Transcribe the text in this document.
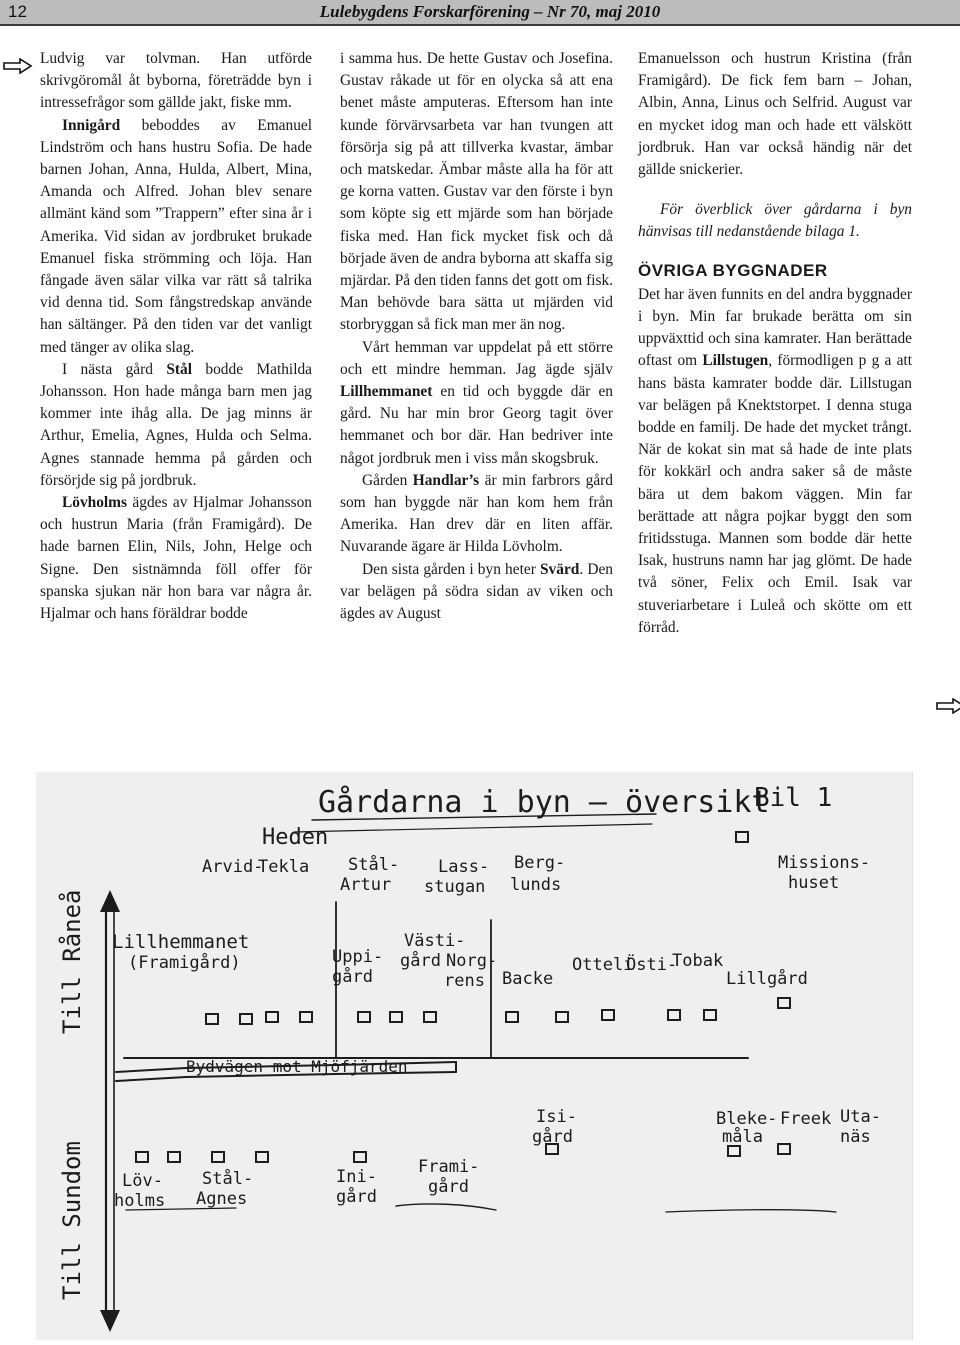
12	Lulebygdens Forskarförening – Nr 70, maj 2010

Ludvig var tolvman. Han utförde skrivgöromål åt byborna, företrädde byn i intressefrågor som gällde jakt, fiske mm.

Innigård beboddes av Emanuel Lindström och hans hustru Sofia. De hade barnen Johan, Anna, Hulda, Albert, Mina, Amanda och Alfred. Johan blev senare allmänt känd som ”Trappern” efter sina år i Amerika. Vid sidan av jordbruket brukade Emanuel fiska strömming och löja. Han fångade även sälar vilka var rätt så talrika vid denna tid. Som fångstredskap använde han sältänger. På den tiden var det vanligt med tänger av olika slag.

I nästa gård Stål bodde Mathilda Johansson. Hon hade många barn men jag kommer inte ihåg alla. De jag minns är Arthur, Emelia, Agnes, Hulda och Selma. Agnes stannade hemma på gården och försörjde sig på jordbruk.

Lövholms ägdes av Hjalmar Johansson och hustrun Maria (från Framigård). De hade barnen Elin, Nils, John, Helge och Signe. Den sistnämnda föll offer för spanska sjukan när hon bara var några år. Hjalmar och hans föräldrar bodde

i samma hus. De hette Gustav och Josefina. Gustav råkade ut för en olycka så att ena benet måste amputeras. Eftersom han inte kunde förvärvsarbeta var han tvungen att försörja sig på att tillverka kvastar, ämbar och matskedar. Ämbar måste alla ha för att ge korna vatten. Gustav var den förste i byn som köpte sig ett mjärde som han började fiska med. Han fick mycket fisk och då började även de andra byborna att skaffa sig mjärdar. På den tiden fanns det gott om fisk. Man behövde bara sätta ut mjärden vid storbryggan så fick man mer än nog.

Vårt hemman var uppdelat på ett större och ett mindre hemman. Jag ägde själv Lillhemmanet en tid och byggde där en gård. Nu har min bror Georg tagit över hemmanet och bor där. Han bedriver inte något jordbruk men i viss mån skogsbruk.

Gården Handlar’s är min farbrors gård som han byggde när han kom hem från Amerika. Han drev där en liten affär. Nuvarande ägare är Hilda Lövholm.

Den sista gården i byn heter Svärd. Den var belägen på södra sidan av viken och ägdes av August

Emanuelsson och hustrun Kristina (från Framigård). De fick fem barn – Johan, Albin, Anna, Linus och Selfrid. August var en mycket idog man och hade ett välskött jordbruk. Han var också händig när det gällde snickerier.

För överblick över gårdarna i byn hänvisas till nedanstående bilaga 1.

ÖVRIGA BYGGNADER

Det har även funnits en del andra byggnader i byn. Min far brukade berätta om sin uppväxttid och sina kamrater. Han berättade oftast om Lillstugen, förmodligen p g a att hans bästa kamrater bodde där. Lillstugan var belägen på Knektstorpet. I denna stuga bodde en familj. De hade det mycket trångt. När de kokat sin mat så hade de inte plats för kokkärl och andra saker så de måste bära ut dem bakom väggen. Min far berättade att några pojkar byggt den som fritidsstuga. Mannen som bodde där hette Isak, hustruns namn har jag glömt. De hade två söner, Felix och Emil. Isak var stuveriarbetare i Luleå och skötte om ett förråd.

Gårdarna i byn – översikt
Bil 1
Heden
Till Råneå
Till Sundom
Bydvägen mot Mjöfjärden
Arvid-
Tekla Stål-
Artur
Lass-
stugan
Berg-
lunds
Missions-
huset
Lillhemmanet
(Framigård)	Uppi-
gård
Västi-
gård Norg-
rens Backe
Otteli
Östi-
Tobak
Lillgård
Löv-
holms
Stål-
Agnes
Ini-
gård
Frami-
gård
Isi-
gård
Bleke-
måla
Freek Uta-
näs
